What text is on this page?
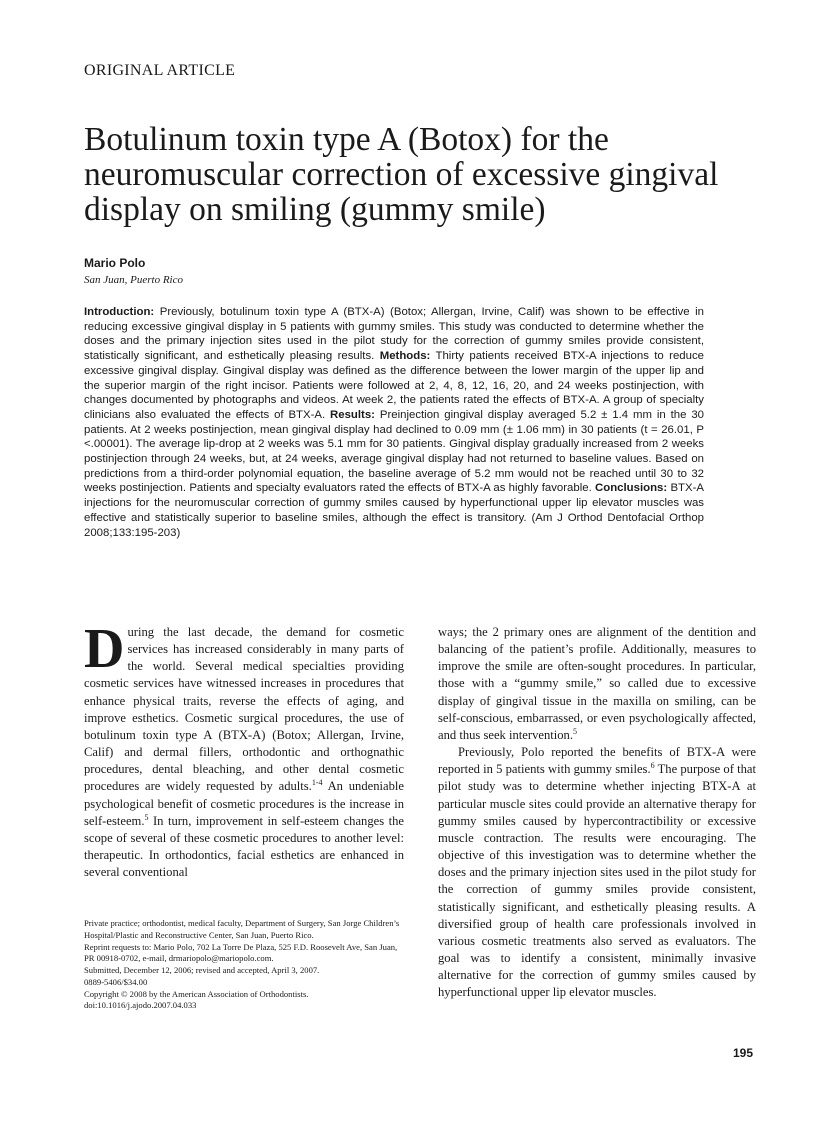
ORIGINAL ARTICLE
Botulinum toxin type A (Botox) for the neuromuscular correction of excessive gingival display on smiling (gummy smile)
Mario Polo
San Juan, Puerto Rico

Introduction: Previously, botulinum toxin type A (BTX-A) (Botox; Allergan, Irvine, Calif) was shown to be effective in reducing excessive gingival display in 5 patients with gummy smiles. This study was conducted to determine whether the doses and the primary injection sites used in the pilot study for the correction of gummy smiles provide consistent, statistically significant, and esthetically pleasing results. Methods: Thirty patients received BTX-A injections to reduce excessive gingival display. Gingival display was defined as the difference between the lower margin of the upper lip and the superior margin of the right incisor. Patients were followed at 2, 4, 8, 12, 16, 20, and 24 weeks postinjection, with changes documented by photographs and videos. At week 2, the patients rated the effects of BTX-A. A group of specialty clinicians also evaluated the effects of BTX-A. Results: Preinjection gingival display averaged 5.2 ± 1.4 mm in the 30 patients. At 2 weeks postinjection, mean gingival display had declined to 0.09 mm (± 1.06 mm) in 30 patients (t = 26.01, P <.00001). The average lip-drop at 2 weeks was 5.1 mm for 30 patients. Gingival display gradually increased from 2 weeks postinjection through 24 weeks, but, at 24 weeks, average gingival display had not returned to baseline values. Based on predictions from a third-order polynomial equation, the baseline average of 5.2 mm would not be reached until 30 to 32 weeks postinjection. Patients and specialty evaluators rated the effects of BTX-A as highly favorable. Conclusions: BTX-A injections for the neuromuscular correction of gummy smiles caused by hyperfunctional upper lip elevator muscles was effective and statistically superior to baseline smiles, although the effect is transitory. (Am J Orthod Dentofacial Orthop 2008;133:195-203)

During the last decade, the demand for cosmetic services has increased considerably in many parts of the world. Several medical specialties providing cosmetic services have witnessed increases in procedures that enhance physical traits, reverse the effects of aging, and improve esthetics. Cosmetic surgical procedures, the use of botulinum toxin type A (BTX-A) (Botox; Allergan, Irvine, Calif) and dermal fillers, orthodontic and orthognathic procedures, dental bleaching, and other dental cosmetic procedures are widely requested by adults.$^{1-4}$ An undeniable psychological benefit of cosmetic procedures is the increase in self-esteem.$^5$ In turn, improvement in self-esteem changes the scope of several of these cosmetic procedures to another level: therapeutic. In orthodontics, facial esthetics are enhanced in several conventional

ways; the 2 primary ones are alignment of the dentition and balancing of the patient’s profile. Additionally, measures to improve the smile are often-sought procedures. In particular, those with a “gummy smile,” so called due to excessive display of gingival tissue in the maxilla on smiling, can be self-conscious, embarrassed, or even psychologically affected, and thus seek intervention.$^5$

Previously, Polo reported the benefits of BTX-A were reported in 5 patients with gummy smiles.$^6$ The purpose of that pilot study was to determine whether injecting BTX-A at particular muscle sites could provide an alternative therapy for gummy smiles caused by hypercontractibility or excessive muscle contraction. The results were encouraging. The objective of this investigation was to determine whether the doses and the primary injection sites used in the pilot study for the correction of gummy smiles provide consistent, statistically significant, and esthetically pleasing results. A diversified group of health care professionals involved in various cosmetic treatments also served as evaluators. The goal was to identify a consistent, minimally invasive alternative for the correction of gummy smiles caused by hyperfunctional upper lip elevator muscles.

Private practice; orthodontist, medical faculty, Department of Surgery, San Jorge Children’s Hospital/Plastic and Reconstructive Center, San Juan, Puerto Rico.
Reprint requests to: Mario Polo, 702 La Torre De Plaza, 525 F.D. Roosevelt Ave, San Juan, PR 00918-0702, e-mail, drmariopolo@mariopolo.com.
Submitted, December 12, 2006; revised and accepted, April 3, 2007.
0889-5406/$34.00
Copyright © 2008 by the American Association of Orthodontists.
doi:10.1016/j.ajodo.2007.04.033
195
